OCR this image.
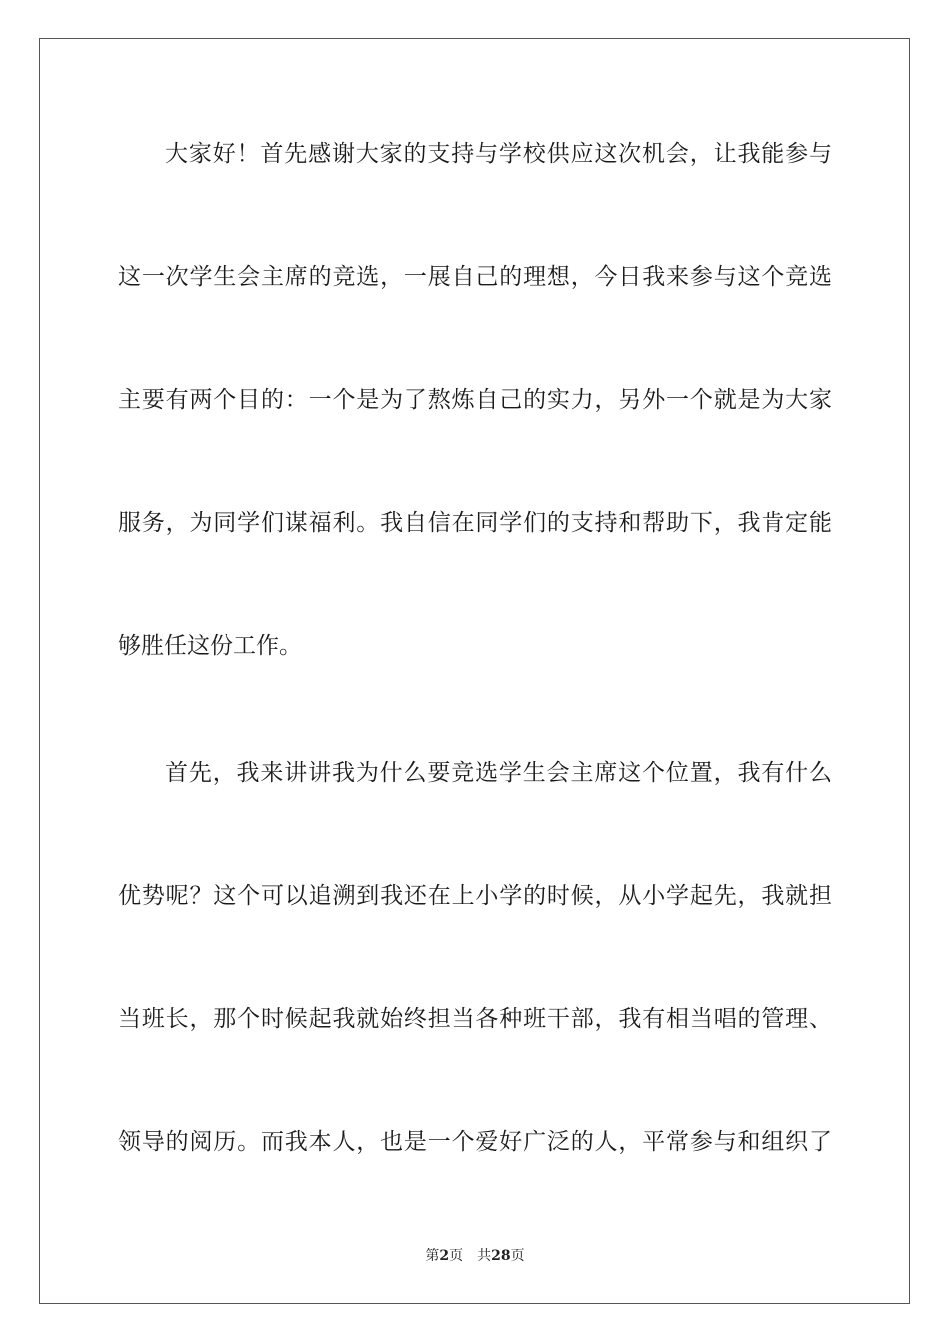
大家好！首先感谢大家的支持与学校供应这次机会，让我能参与
这一次学生会主席的竞选，一展自己的理想，今日我来参与这个竞选
主要有两个目的：一个是为了熬炼自己的实力，另外一个就是为大家
服务，为同学们谋福利。我自信在同学们的支持和帮助下，我肯定能
够胜任这份工作。
首先，我来讲讲我为什么要竞选学生会主席这个位置，我有什么
优势呢？这个可以追溯到我还在上小学的时候，从小学起先，我就担
当班长，那个时候起我就始终担当各种班干部，我有相当唱的管理、
领导的阅历。而我本人，也是一个爱好广泛的人，平常参与和组织了
第2页 共28页
